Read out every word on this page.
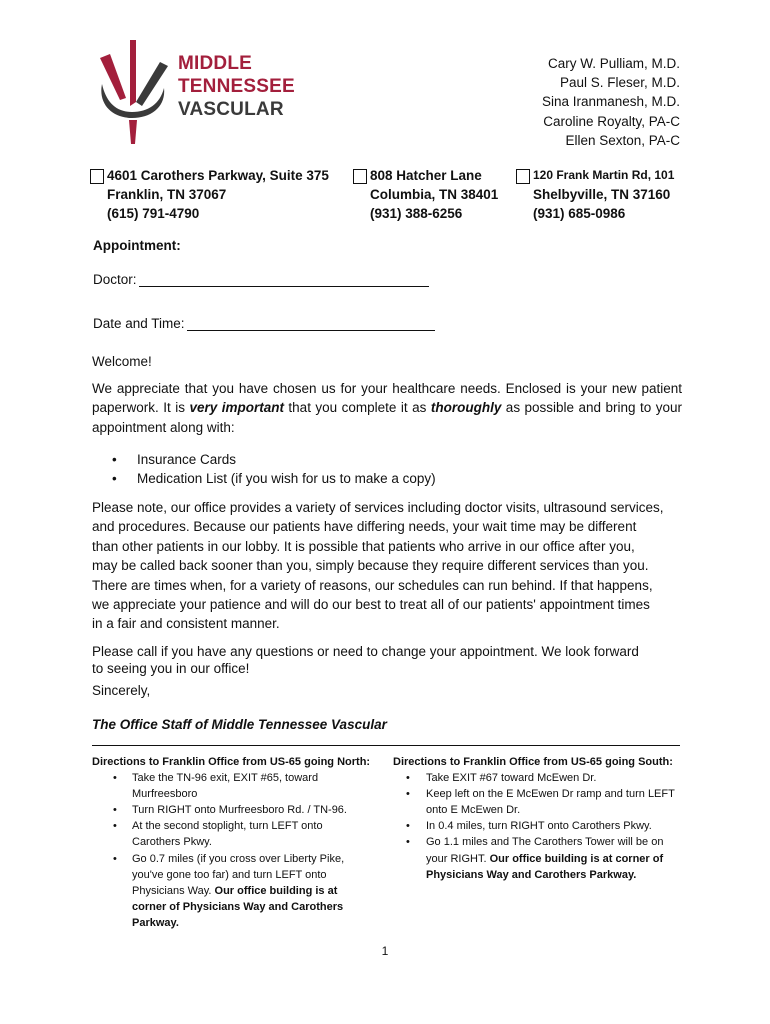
MIDDLE
TENNESSEE
VASCULAR
Cary W. Pulliam, M.D.
Paul S. Fleser, M.D.
Sina Iranmanesh, M.D.
Caroline Royalty, PA-C
Ellen Sexton, PA-C
4601 Carothers Parkway, Suite 375
Franklin, TN 37067
(615) 791-4790
808 Hatcher Lane
Columbia, TN 38401
(931) 388-6256
120 Frank Martin Rd, 101
Shelbyville, TN 37160
(931) 685-0986
Appointment:
Doctor:
Date and Time:
Welcome!
We appreciate that you have chosen us for your healthcare needs. Enclosed is your new patient paperwork. It is very important that you complete it as thoroughly as possible and bring to your appointment along with:
• Insurance Cards
• Medication List (if you wish for us to make a copy)
Please note, our office provides a variety of services including doctor visits, ultrasound services,
and procedures. Because our patients have differing needs, your wait time may be different
than other patients in our lobby. It is possible that patients who arrive in our office after you,
may be called back sooner than you, simply because they require different services than you.
There are times when, for a variety of reasons, our schedules can run behind. If that happens,
we appreciate your patience and will do our best to treat all of our patients' appointment times
in a fair and consistent manner.
Please call if you have any questions or need to change your appointment. We look forward
to seeing you in our office!
Sincerely,
The Office Staff of Middle Tennessee Vascular
Directions to Franklin Office from US-65 going North:
• Take the TN-96 exit, EXIT #65, toward
Murfreesboro
• Turn RIGHT onto Murfreesboro Rd. / TN-96.
• At the second stoplight, turn LEFT onto
Carothers Pkwy.
• Go 0.7 miles (if you cross over Liberty Pike,
you've gone too far) and turn LEFT onto
Physicians Way. Our office building is at
corner of Physicians Way and Carothers
Parkway.
Directions to Franklin Office from US-65 going South:
• Take EXIT #67 toward McEwen Dr.
• Keep left on the E McEwen Dr ramp and turn LEFT
onto E McEwen Dr.
• In 0.4 miles, turn RIGHT onto Carothers Pkwy.
• Go 1.1 miles and The Carothers Tower will be on
your RIGHT. Our office building is at corner of
Physicians Way and Carothers Parkway.
1
